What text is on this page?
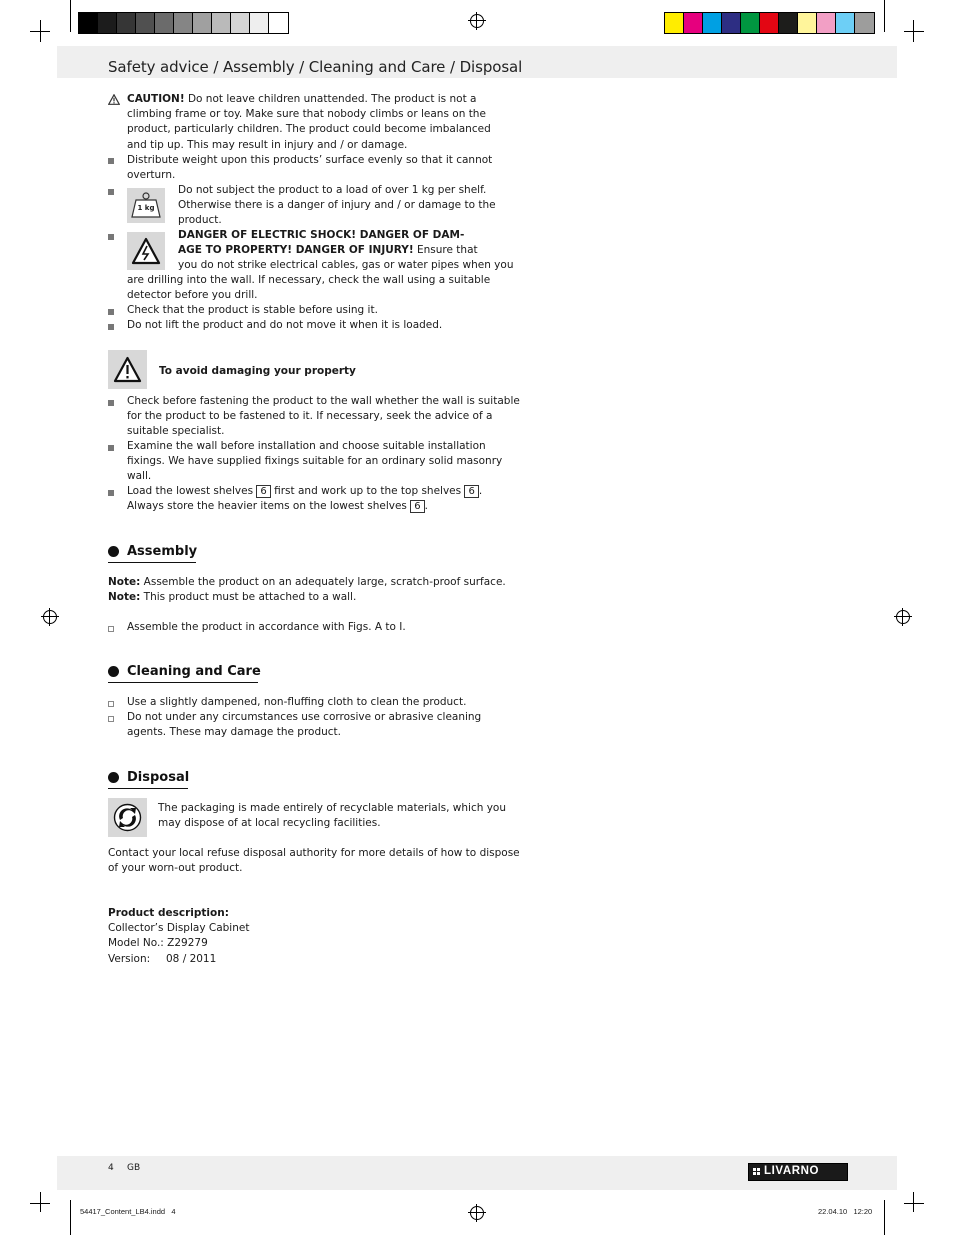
Safety advice / Assembly / Cleaning and Care / Disposal
CAUTION! Do not leave children unattended. The product is not a
climbing frame or toy. Make sure that nobody climbs or leans on the
product, particularly children. The product could become imbalanced
and tip up. This may result in injury and / or damage.
Distribute weight upon this products’ surface evenly so that it cannot
overturn.
1 kg
Do not subject the product to a load of over 1 kg per shelf.
Otherwise there is a danger of injury and / or damage to the
product.
DANGER OF ELECTRIC SHOCK! DANGER OF DAM-
AGE TO PROPERTY! DANGER OF INJURY! Ensure that
you do not strike electrical cables, gas or water pipes when you
are drilling into the wall. If necessary, check the wall using a suitable
detector before you drill.
Check that the product is stable before using it.
Do not lift the product and do not move it when it is loaded.
To avoid damaging your property
Check before fastening the product to the wall whether the wall is suitable
for the product to be fastened to it. If necessary, seek the advice of a
suitable specialist.
Examine the wall before installation and choose suitable installation
fixings. We have supplied fixings suitable for an ordinary solid masonry
wall.
Load the lowest shelves 6 first and work up to the top shelves 6 .
Always store the heavier items on the lowest shelves 6 .
Assembly
Note: Assemble the product on an adequately large, scratch-proof surface.
Note: This product must be attached to a wall.
Assemble the product in accordance with Figs. A to I.
Cleaning and Care
Use a slightly dampened, non-fluffing cloth to clean the product.
Do not under any circumstances use corrosive or abrasive cleaning
agents. These may damage the product.
Disposal
The packaging is made entirely of recyclable materials, which you
may dispose of at local recycling facilities.
Contact your local refuse disposal authority for more details of how to dispose
of your worn-out product.
Product description:
Collector’s Display Cabinet
Model No.: Z29279
Version: 08 / 2011
4 GB	LIVARNO
54417_Content_LB4.indd   4	22.04.10   12:20
